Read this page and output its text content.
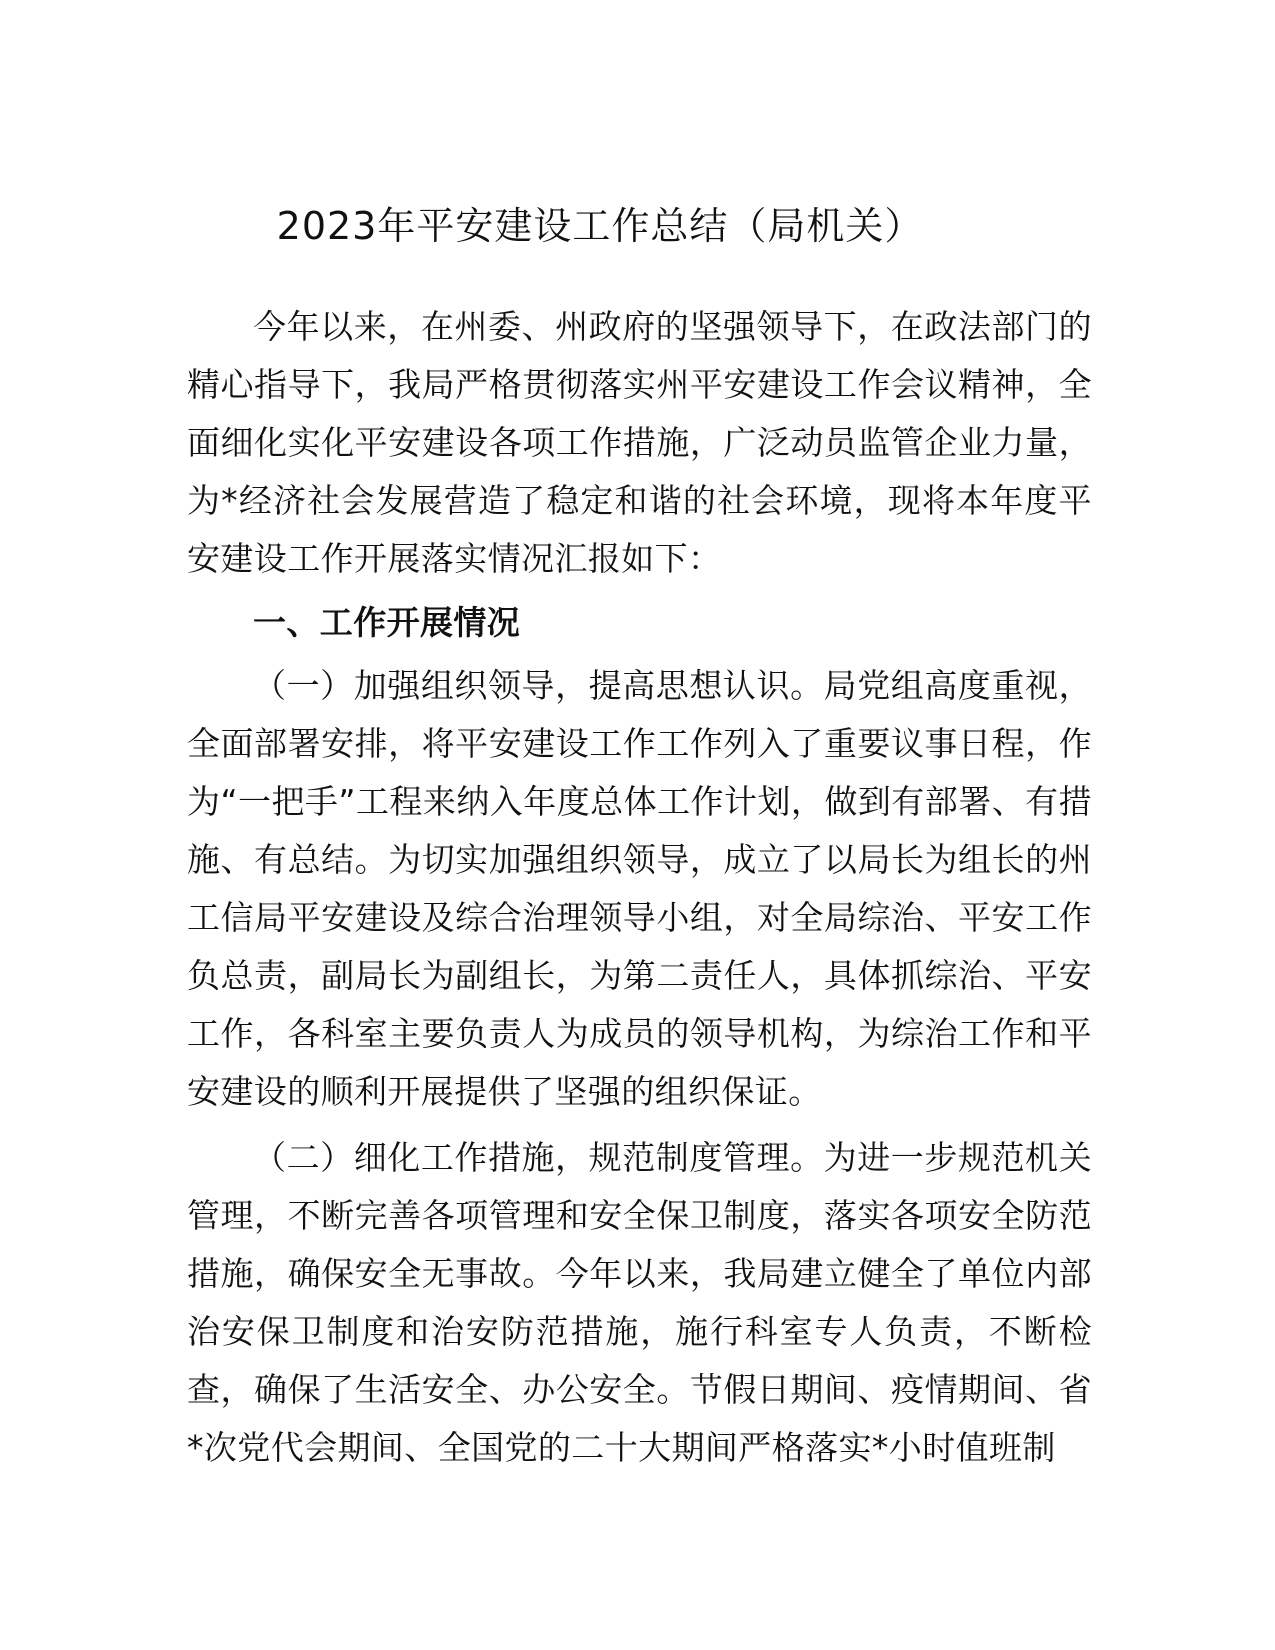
2023年平安建设工作总结（局机关）

今年以来，在州委、州政府的坚强领导下，在政法部门的精心指导下，我局严格贯彻落实州平安建设工作会议精神，全面细化实化平安建设各项工作措施，广泛动员监管企业力量，为*经济社会发展营造了稳定和谐的社会环境，现将本年度平安建设工作开展落实情况汇报如下：

一、工作开展情况

（一）加强组织领导，提高思想认识。局党组高度重视，全面部署安排，将平安建设工作工作列入了重要议事日程，作为“一把手”工程来纳入年度总体工作计划，做到有部署、有措施、有总结。为切实加强组织领导，成立了以局长为组长的州工信局平安建设及综合治理领导小组，对全局综治、平安工作负总责，副局长为副组长，为第二责任人，具体抓综治、平安工作，各科室主要负责人为成员的领导机构，为综治工作和平安建设的顺利开展提供了坚强的组织保证。

（二）细化工作措施，规范制度管理。为进一步规范机关管理，不断完善各项管理和安全保卫制度，落实各项安全防范措施，确保安全无事故。今年以来，我局建立健全了单位内部治安保卫制度和治安防范措施，施行科室专人负责，不断检查，确保了生活安全、办公安全。节假日期间、疫情期间、省*次党代会期间、全国党的二十大期间严格落实*小时值班制
